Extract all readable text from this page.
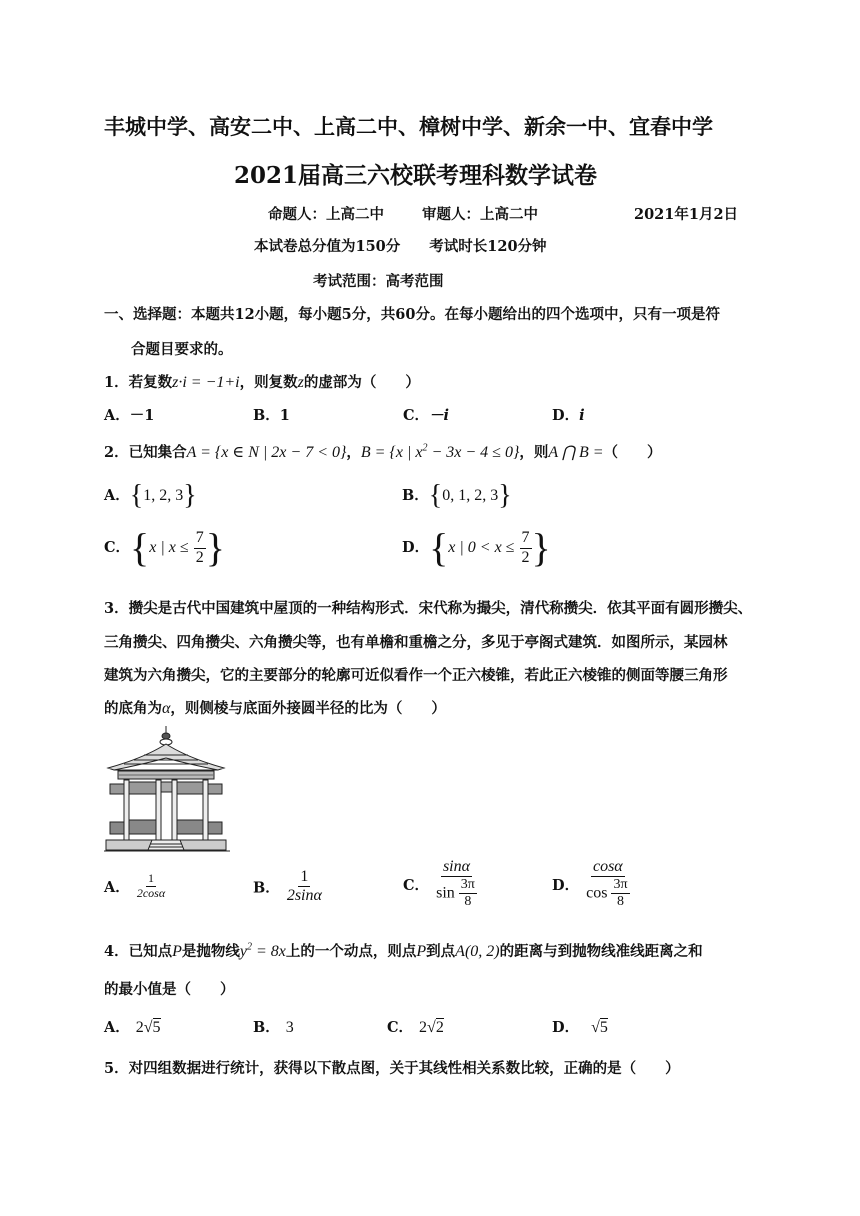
丰城中学、高安二中、上高二中、樟树中学、新余一中、宜春中学
2021届高三六校联考理科数学试卷
命题人：上高二中	审题人：上高二中	2021年1月2日
本试卷总分值为150分　　考试时长120分钟
考试范围：高考范围
一、选择题：本题共12小题，每小题5分，共60分。在每小题给出的四个选项中，只有一项是符
合题目要求的。
1．若复数z·i = −1+i，则复数z的虚部为（　　）
A．－1	B．1	C．－i	D．i
2．已知集合A = {x ∈ N | 2x − 7 < 0}，B = {x | $x^2 - 3x - 4 \le 0$}，则A ⋂ B =（　　）
A．{1, 2, 3}	B．{0, 1, 2, 3}
C．{x | $x \le \frac{7}{2}$ }	D．{x | $0 < x \le \frac{7}{2}$ }
3．攒尖是古代中国建筑中屋顶的一种结构形式．宋代称为撮尖，清代称攒尖．依其平面有圆形攒尖、
三角攒尖、四角攒尖、六角攒尖等，也有单檐和重檐之分，多见于亭阁式建筑．如图所示，某园林
建筑为六角攒尖，它的主要部分的轮廓可近似看作一个正六棱锥，若此正六棱锥的侧面等腰三角形
的底角为α，则侧棱与底面外接圆半径的比为（　　）
A． $\frac{1}{2\cos\alpha}$	B． $\frac{1}{2\sin\alpha}$	C． $\frac{\sin\alpha}{\sin \frac{3\pi}{8}}$	D． $\frac{\cos\alpha}{\cos \frac{3\pi}{8}}$
4．已知点P是抛物线$y^2 = 8x$上的一个动点，则点P到点A(0, 2)的距离与到抛物线准线距离之和
的最小值是（　　）
A． 2√5	B． 3	C． 2√2	D． √5
5．对四组数据进行统计，获得以下散点图，关于其线性相关系数比较，正确的是（　　）
